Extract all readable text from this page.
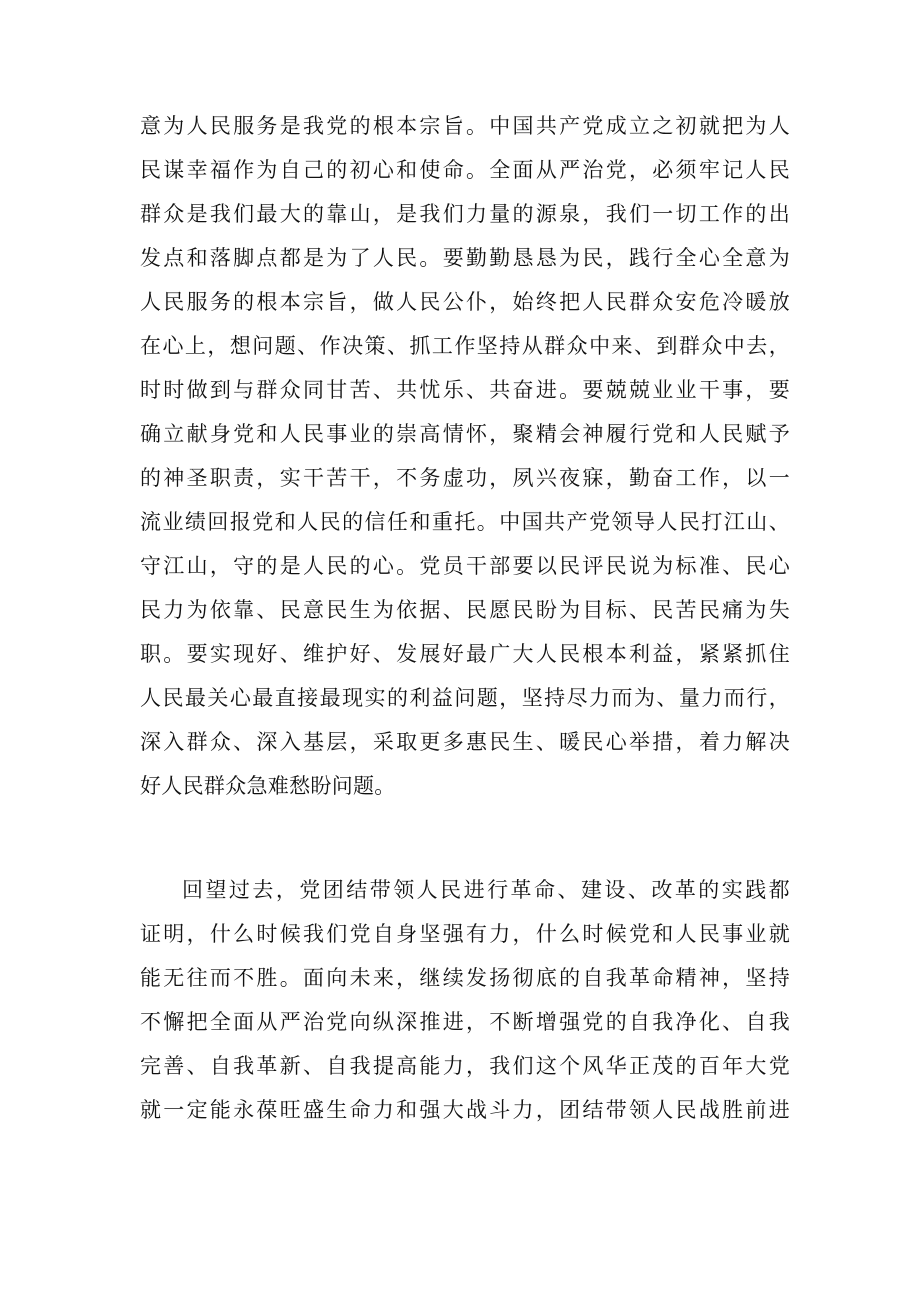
意为人民服务是我党的根本宗旨。中国共产党成立之初就把为人
民谋幸福作为自己的初心和使命。全面从严治党，必须牢记人民
群众是我们最大的靠山，是我们力量的源泉，我们一切工作的出
发点和落脚点都是为了人民。要勤勤恳恳为民，践行全心全意为
人民服务的根本宗旨，做人民公仆，始终把人民群众安危冷暖放
在心上，想问题、作决策、抓工作坚持从群众中来、到群众中去，
时时做到与群众同甘苦、共忧乐、共奋进。要兢兢业业干事，要
确立献身党和人民事业的崇高情怀，聚精会神履行党和人民赋予
的神圣职责，实干苦干，不务虚功，夙兴夜寐，勤奋工作，以一
流业绩回报党和人民的信任和重托。中国共产党领导人民打江山、
守江山，守的是人民的心。党员干部要以民评民说为标准、民心
民力为依靠、民意民生为依据、民愿民盼为目标、民苦民痛为失
职。要实现好、维护好、发展好最广大人民根本利益，紧紧抓住
人民最关心最直接最现实的利益问题，坚持尽力而为、量力而行，
深入群众、深入基层，采取更多惠民生、暖民心举措，着力解决
好人民群众急难愁盼问题。
回望过去，党团结带领人民进行革命、建设、改革的实践都
证明，什么时候我们党自身坚强有力，什么时候党和人民事业就
能无往而不胜。面向未来，继续发扬彻底的自我革命精神，坚持
不懈把全面从严治党向纵深推进，不断增强党的自我净化、自我
完善、自我革新、自我提高能力，我们这个风华正茂的百年大党
就一定能永葆旺盛生命力和强大战斗力，团结带领人民战胜前进
